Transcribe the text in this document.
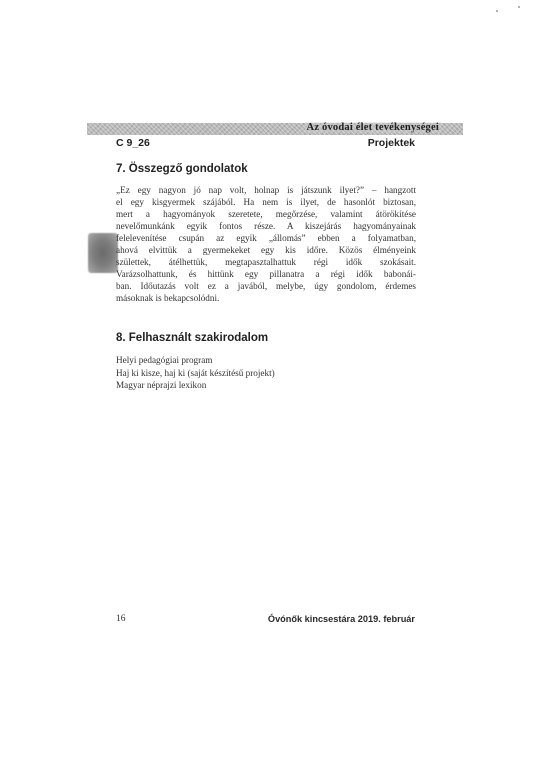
Az óvodai élet tevékenységei
C 9_26	Projektek
7. Összegző gondolatok
„Ez egy nagyon jó nap volt, holnap is játszunk ilyet?” – hangzott
el egy kisgyermek szájából. Ha nem is ilyet, de hasonlót biztosan,
mert a hagyományok szeretete, megőrzése, valamint átörökítése
nevelőmunkánk egyik fontos része. A kiszejárás hagyományainak
felelevenítése csupán az egyik „állomás” ebben a folyamatban,
ahová elvittük a gyermekeket egy kis időre. Közös élményeink
születtek, átélhettük, megtapasztalhattuk régi idők szokásait.
Varázsolhattunk, és hittünk egy pillanatra a régi idők babonái-
ban. Időutazás volt ez a javából, melybe, úgy gondolom, érdemes
másoknak is bekapcsolódni.
8. Felhasznált szakirodalom
Helyi pedagógiai program
Haj ki kisze, haj ki (saját készítésű projekt)
Magyar néprajzi lexikon
16	Óvónők kincsestára 2019. február
